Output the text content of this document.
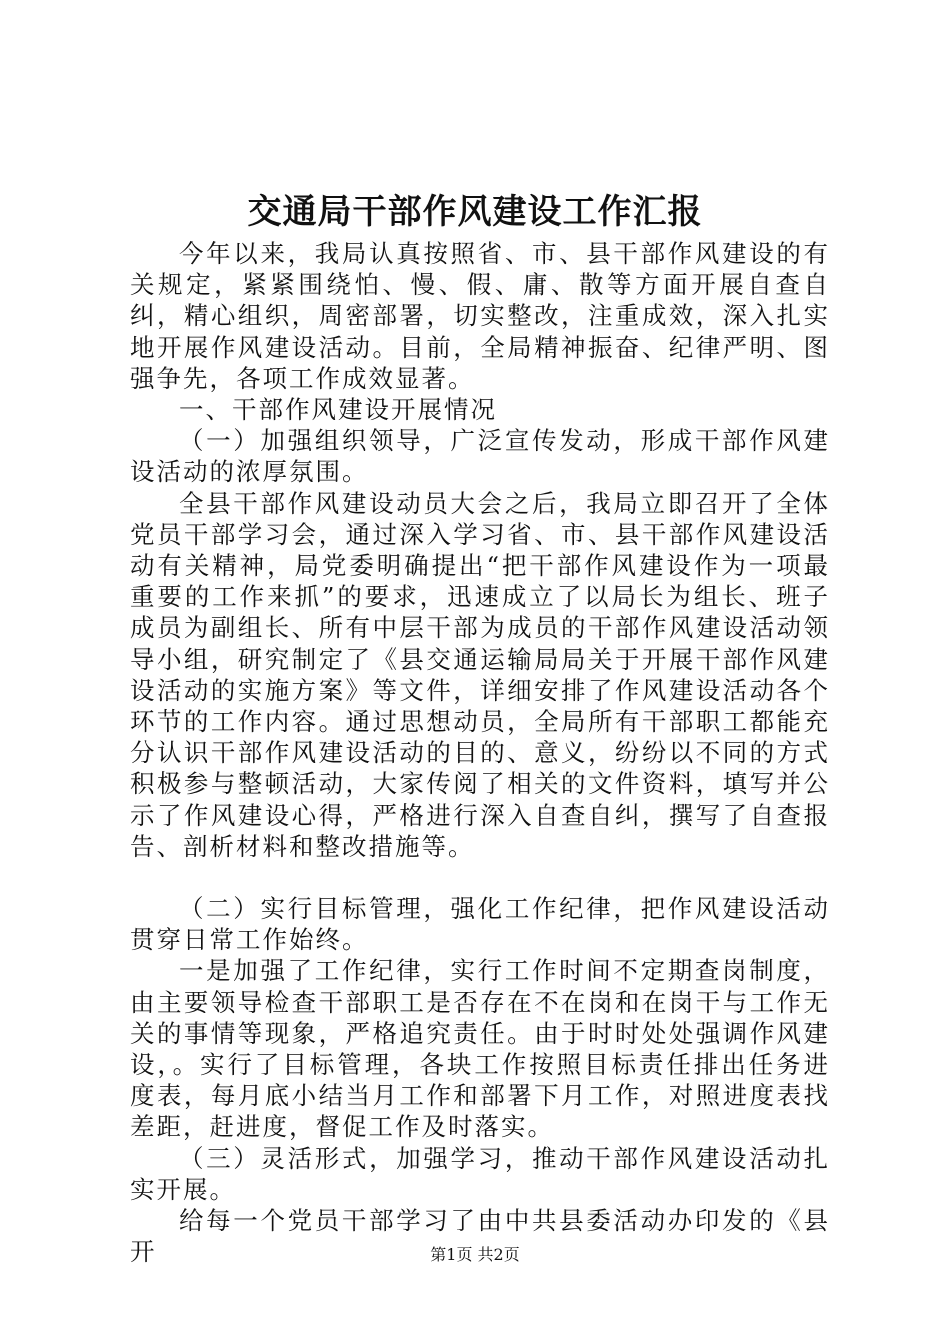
交通局干部作风建设工作汇报

今年以来，我局认真按照省、市、县干部作风建设的有关规定，紧紧围绕怕、慢、假、庸、散等方面开展自查自纠，精心组织，周密部署，切实整改，注重成效，深入扎实地开展作风建设活动。目前，全局精神振奋、纪律严明、图强争先，各项工作成效显著。

一、干部作风建设开展情况

（一）加强组织领导，广泛宣传发动，形成干部作风建设活动的浓厚氛围。

全县干部作风建设动员大会之后，我局立即召开了全体党员干部学习会，通过深入学习省、市、县干部作风建设活动有关精神，局党委明确提出“把干部作风建设作为一项最重要的工作来抓”的要求，迅速成立了以局长为组长、班子成员为副组长、所有中层干部为成员的干部作风建设活动领导小组，研究制定了《县交通运输局局关于开展干部作风建设活动的实施方案》等文件，详细安排了作风建设活动各个环节的工作内容。通过思想动员，全局所有干部职工都能充分认识干部作风建设活动的目的、意义，纷纷以不同的方式积极参与整顿活动，大家传阅了相关的文件资料，填写并公示了作风建设心得，严格进行深入自查自纠，撰写了自查报告、剖析材料和整改措施等。

（二）实行目标管理，强化工作纪律，把作风建设活动贯穿日常工作始终。

一是加强了工作纪律，实行工作时间不定期查岗制度，由主要领导检查干部职工是否存在不在岗和在岗干与工作无关的事情等现象，严格追究责任。由于时时处处强调作风建设，。实行了目标管理，各块工作按照目标责任排出任务进度表，每月底小结当月工作和部署下月工作，对照进度表找差距，赶进度，督促工作及时落实。

（三）灵活形式，加强学习，推动干部作风建设活动扎实开展。

给每一个党员干部学习了由中共县委活动办印发的《县开	第1页 共2页
